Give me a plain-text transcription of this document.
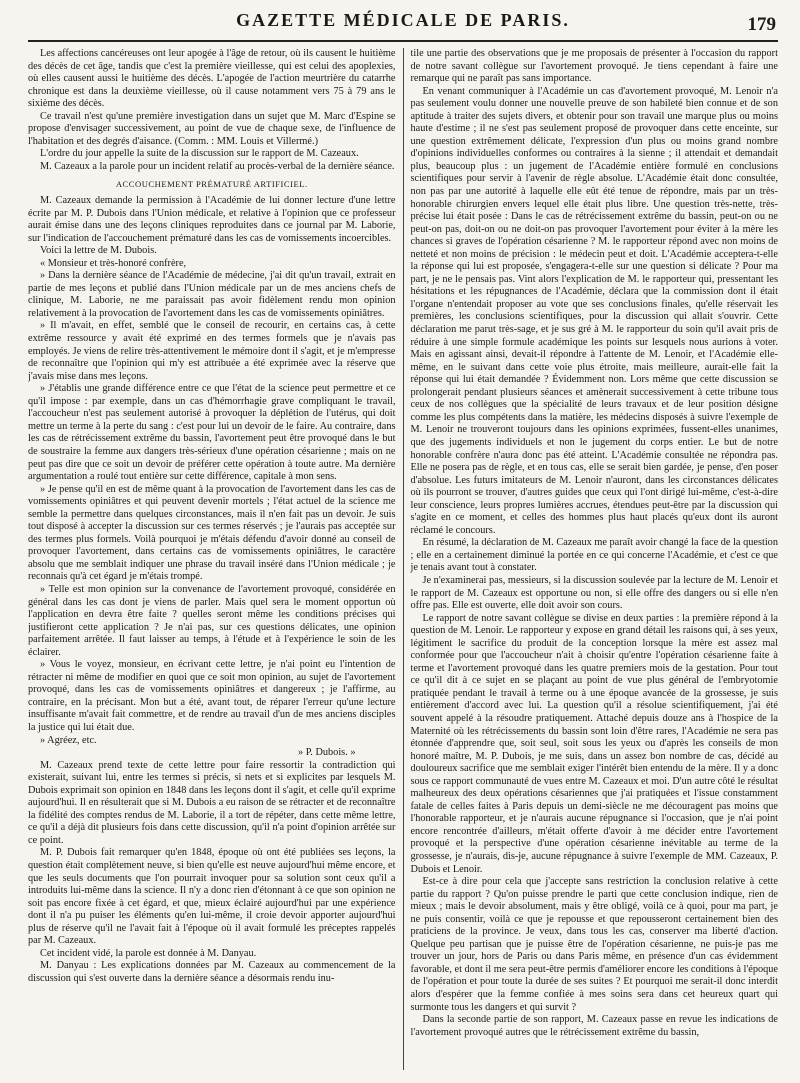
GAZETTE MÉDICALE DE PARIS.	179

Les affections cancéreuses ont leur apogée à l'âge de retour, où ils causent le huitième des décès de cet âge, tandis que c'est la première vieillesse, qui est celui des apoplexies, où elles causent aussi le huitième des décès. L'apogée de l'action meurtrière du catarrhe chronique est dans la deuxième vieillesse, où il cause notamment vers 75 à 79 ans le sixième des décès.

Ce travail n'est qu'une première investigation dans un sujet que M. Marc d'Espine se propose d'envisager successivement, au point de vue de chaque sexe, de l'influence de l'habitation et des degrés d'aisance. (Comm. : MM. Louis et Villermé.)

L'ordre du jour appelle la suite de la discussion sur le rapport de M. Cazeaux.

M. Cazeaux a la parole pour un incident relatif au procès-verbal de la dernière séance.

ACCOUCHEMENT PRÉMATURÉ ARTIFICIEL.

M. Cazeaux demande la permission à l'Académie de lui donner lecture d'une lettre écrite par M. P. Dubois dans l'Union médicale, et relative à l'opinion que ce professeur aurait émise dans une des leçons cliniques reproduites dans ce journal par M. Laborie, sur l'indication de l'accouchement prématuré dans les cas de vomissements incoercibles.

Voici la lettre de M. Dubois.

« Monsieur et très-honoré confrère,

» Dans la dernière séance de l'Académie de médecine, j'ai dit qu'un travail, extrait en partie de mes leçons et publié dans l'Union médicale par un de mes anciens chefs de clinique, M. Laborie, ne me paraissait pas avoir fidèlement rendu mon opinion relativement à la provocation de l'avortement dans les cas de vomissements opiniâtres.

» Il m'avait, en effet, semblé que le conseil de recourir, en certains cas, à cette extrême ressource y avait été exprimé en des termes formels que je n'avais pas employés. Je viens de relire très-attentivement le mémoire dont il s'agit, et je m'empresse de reconnaître que l'opinion qui m'y est attribuée a été exprimée avec la réserve que j'avais mise dans mes leçons.

» J'établis une grande différence entre ce que l'état de la science peut permettre et ce qu'il impose : par exemple, dans un cas d'hémorrhagie grave compliquant le travail, l'accoucheur n'est pas seulement autorisé à provoquer la déplétion de l'utérus, qui doit mettre un terme à la perte du sang : c'est pour lui un devoir de le faire. Au contraire, dans les cas de rétrécissement extrême du bassin, l'avortement peut être provoqué dans le but de soustraire la femme aux dangers très-sérieux d'une opération césarienne ; mais on ne peut pas dire que ce soit un devoir de préférer cette opération à toute autre. Ma dernière argumentation a roulé tout entière sur cette différence, capitale à mon sens.

» Je pense qu'il en est de même quant à la provocation de l'avortement dans les cas de vomissements opiniâtres et qui peuvent devenir mortels ; l'état actuel de la science me semble la permettre dans quelques circonstances, mais il n'en fait pas un devoir. Je suis tout disposé à accepter la discussion sur ces termes réservés ; je l'aurais pas acceptée sur des termes plus formels. Voilà pourquoi je m'étais défendu d'avoir donné au conseil de provoquer l'avortement, dans certains cas de vomissements opiniâtres, le caractère absolu que me semblait indiquer une phrase du travail inséré dans l'Union médicale ; je reconnais qu'à cet égard je m'étais trompé.

» Telle est mon opinion sur la convenance de l'avortement provoqué, considérée en général dans les cas dont je viens de parler. Mais quel sera le moment opportun où l'application en devra être faite ? quelles seront même les conditions précises qui justifieront cette application ? Je n'ai pas, sur ces questions délicates, une opinion parfaitement arrêtée. Il faut laisser au temps, à l'étude et à l'expérience le soin de les éclairer.

» Vous le voyez, monsieur, en écrivant cette lettre, je n'ai point eu l'intention de rétracter ni même de modifier en quoi que ce soit mon opinion, au sujet de l'avortement provoqué, dans les cas de vomissements opiniâtres et dangereux ; je l'affirme, au contraire, en la précisant. Mon but a été, avant tout, de réparer l'erreur qu'une lecture insuffisante m'avait fait commettre, et de rendre au travail d'un de mes anciens disciples la justice qui lui était due.

» Agréez, etc.

» P. Dubois. »

M. Cazeaux prend texte de cette lettre pour faire ressortir la contradiction qui existerait, suivant lui, entre les termes si précis, si nets et si explicites par lesquels M. Dubois exprimait son opinion en 1848 dans les leçons dont il s'agit, et celle qu'il exprime aujourd'hui. Il en résulterait que si M. Dubois a eu raison de se rétracter et de reconnaître la fidélité des comptes rendus de M. Laborie, il a tort de répéter, dans cette même lettre, ce qu'il a déjà dit plusieurs fois dans cette discussion, qu'il n'a point d'opinion arrêtée sur ce point.

M. P. Dubois fait remarquer qu'en 1848, époque où ont été publiées ses leçons, la question était complètement neuve, si bien qu'elle est neuve aujourd'hui même encore, et que les seuls documents que l'on pourrait invoquer pour sa solution sont ceux qu'il a introduits lui-même dans la science. Il n'y a donc rien d'étonnant à ce que son opinion ne soit pas encore fixée à cet égard, et que, mieux éclairé aujourd'hui par une expérience dont il n'a pu puiser les éléments qu'en lui-même, il croie devoir apporter aujourd'hui plus de réserve qu'il ne l'avait fait à l'époque où il avait formulé les préceptes rappelés par M. Cazeaux.

Cet incident vidé, la parole est donnée à M. Danyau.

M. Danyau : Les explications données par M. Cazeaux au commencement de la discussion qui s'est ouverte dans la dernière séance a désormais rendu inu-

tile une partie des observations que je me proposais de présenter à l'occasion du rapport de notre savant collègue sur l'avortement provoqué. Je tiens cependant à faire une remarque qui ne paraît pas sans importance.

En venant communiquer à l'Académie un cas d'avortement provoqué, M. Lenoir n'a pas seulement voulu donner une nouvelle preuve de son habileté bien connue et de son aptitude à traiter des sujets divers, et obtenir pour son travail une marque plus ou moins haute d'estime ; il ne s'est pas seulement proposé de provoquer dans cette enceinte, sur une question extrêmement délicate, l'expression d'un plus ou moins grand nombre d'opinions individuelles conformes ou contraires à la sienne ; il attendait et demandait plus, beaucoup plus : un jugement de l'Académie entière formulé en conclusions scientifiques pour servir à l'avenir de règle absolue. L'Académie était donc consultée, non pas par une autorité à laquelle elle eût été tenue de répondre, mais par un très-honorable chirurgien envers lequel elle était plus libre. Une question très-nette, très-précise lui était posée : Dans le cas de rétrécissement extrême du bassin, peut-on ou ne peut-on pas, doit-on ou ne doit-on pas provoquer l'avortement pour éviter à la mère les chances si graves de l'opération césarienne ? M. le rapporteur répond avec non moins de netteté et non moins de précision : le médecin peut et doit. L'Académie acceptera-t-elle la réponse qui lui est proposée, s'engagera-t-elle sur une question si délicate ? Pour ma part, je ne le pensais pas. Vint alors l'explication de M. le rapporteur qui, pressentant les hésitations et les répugnances de l'Académie, déclara que la commission dont il était l'organe n'entendait proposer au vote que ses conclusions finales, qu'elle réservait les premières, les conclusions scientifiques, pour la discussion qui allait s'ouvrir. Cette déclaration me parut très-sage, et je sus gré à M. le rapporteur du soin qu'il avait pris de réduire à une simple formule académique les points sur lesquels nous aurions à voter. Mais en agissant ainsi, devait-il répondre à l'attente de M. Lenoir, et l'Académie elle-même, en le suivant dans cette voie plus étroite, mais meilleure, aurait-elle fait la réponse qui lui était demandée ? Évidemment non. Lors même que cette discussion se prolongerait pendant plusieurs séances et amènerait successivement à cette tribune tous ceux de nos collègues que la spécialité de leurs travaux et de leur position désigne comme les plus compétents dans la matière, les médecins disposés à suivre l'exemple de M. Lenoir ne trouveront toujours dans les opinions exprimées, fussent-elles unanimes, que des jugements individuels et non le jugement du corps entier. Le but de notre honorable confrère n'aura donc pas été atteint. L'Académie consultée ne répondra pas. Elle ne posera pas de règle, et en tous cas, elle se serait bien gardée, je pense, d'en poser d'absolue. Les futurs imitateurs de M. Lenoir n'auront, dans les circonstances délicates où ils pourront se trouver, d'autres guides que ceux qui l'ont dirigé lui-même, c'est-à-dire leur conscience, leurs propres lumières accrues, étendues peut-être par la discussion qui s'agite en ce moment, et celles des hommes plus haut placés qu'eux dont ils auront réclamé le concours.

En résumé, la déclaration de M. Cazeaux me paraît avoir changé la face de la question ; elle en a certainement diminué la portée en ce qui concerne l'Académie, et c'est ce que je tenais avant tout à constater.

Je n'examinerai pas, messieurs, si la discussion soulevée par la lecture de M. Lenoir et le rapport de M. Cazeaux est opportune ou non, si elle offre des dangers ou si elle n'en offre pas. Elle est ouverte, elle doit avoir son cours.

Le rapport de notre savant collègue se divise en deux parties : la première répond à la question de M. Lenoir. Le rapporteur y expose en grand détail les raisons qui, à ses yeux, légitiment le sacrifice du produit de la conception lorsque la mère est assez mal conformée pour que l'accoucheur n'ait à choisir qu'entre l'opération césarienne faite à terme et l'avortement provoqué dans les quatre premiers mois de la gestation. Pour tout ce qu'il dit à ce sujet en se plaçant au point de vue plus général de l'embryotomie pratiquée pendant le travail à terme ou à une époque avancée de la grossesse, je suis entièrement d'accord avec lui. La question qu'il a résolue scientifiquement, j'ai été souvent appelé à la résoudre pratiquement. Attaché depuis douze ans à l'hospice de la Maternité où les rétrécissements du bassin sont loin d'être rares, l'Académie ne sera pas étonnée d'apprendre que, soit seul, soit sous les yeux ou d'après les conseils de mon honoré maître, M. P. Dubois, je me suis, dans un assez bon nombre de cas, décidé au douloureux sacrifice que me semblait exiger l'intérêt bien entendu de la mère. Il y a donc sous ce rapport communauté de vues entre M. Cazeaux et moi. D'un autre côté le résultat malheureux des deux opérations césariennes que j'ai pratiquées et l'issue constamment fatale de celles faites à Paris depuis un demi-siècle ne me découragent pas moins que l'honorable rapporteur, et je n'aurais aucune répugnance si l'occasion, que je n'ai point encore rencontrée d'ailleurs, m'était offerte d'avoir à me décider entre l'avortement provoqué et la perspective d'une opération césarienne inévitable au terme de la grossesse, je n'aurais, dis-je, aucune répugnance à suivre l'exemple de MM. Cazeaux, P. Dubois et Lenoir.

Est-ce à dire pour cela que j'accepte sans restriction la conclusion relative à cette partie du rapport ? Qu'on puisse prendre le parti que cette conclusion indique, rien de mieux ; mais le devoir absolument, mais y être obligé, voilà ce à quoi, pour ma part, je ne puis consentir, voilà ce que je repousse et que repousseront certainement bien des praticiens de la province. Je veux, dans tous les cas, conserver ma liberté d'action. Quelque peu partisan que je puisse être de l'opération césarienne, ne puis-je pas me trouver un jour, hors de Paris ou dans Paris même, en présence d'un cas évidemment favorable, et dont il me sera peut-être permis d'améliorer encore les conditions à l'époque de l'opération et pour toute la durée de ses suites ? Et pourquoi me serait-il donc interdit alors d'espérer que la femme confiée à mes soins sera dans cet heureux quart qui surmonte tous les dangers et qui survit ?

Dans la seconde partie de son rapport, M. Cazeaux passe en revue les indications de l'avortement provoqué autres que le rétrécissement extrême du bassin,
